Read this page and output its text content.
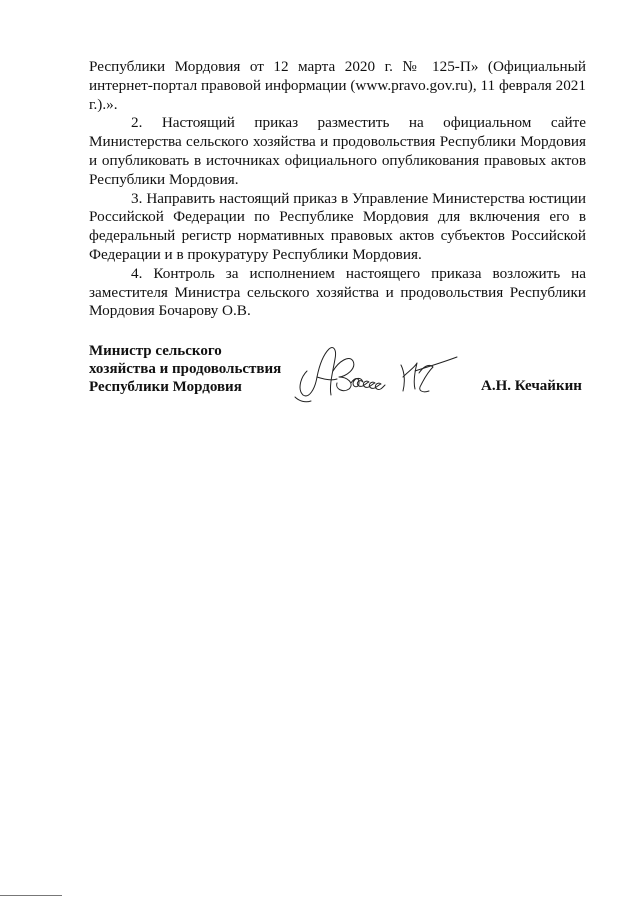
Республики Мордовия от 12 марта 2020 г. № 125-П» (Официальный интернет-портал правовой информации (www.pravo.gov.ru), 11 февраля 2021 г.).».

2. Настоящий приказ разместить на официальном сайте Министерства сельского хозяйства и продовольствия Республики Мордовия и опубликовать в источниках официального опубликования правовых актов Республики Мордовия.

3. Направить настоящий приказ в Управление Министерства юстиции Российской Федерации по Республике Мордовия для включения его в федеральный регистр нормативных правовых актов субъектов Российской Федерации и в прокуратуру Республики Мордовия.

4. Контроль за исполнением настоящего приказа возложить на заместителя Министра сельского хозяйства и продовольствия Республики Мордовия Бочарову О.В.

Министр сельского
хозяйства и продовольствия
Республики Мордовия	А.Н. Кечайкин
